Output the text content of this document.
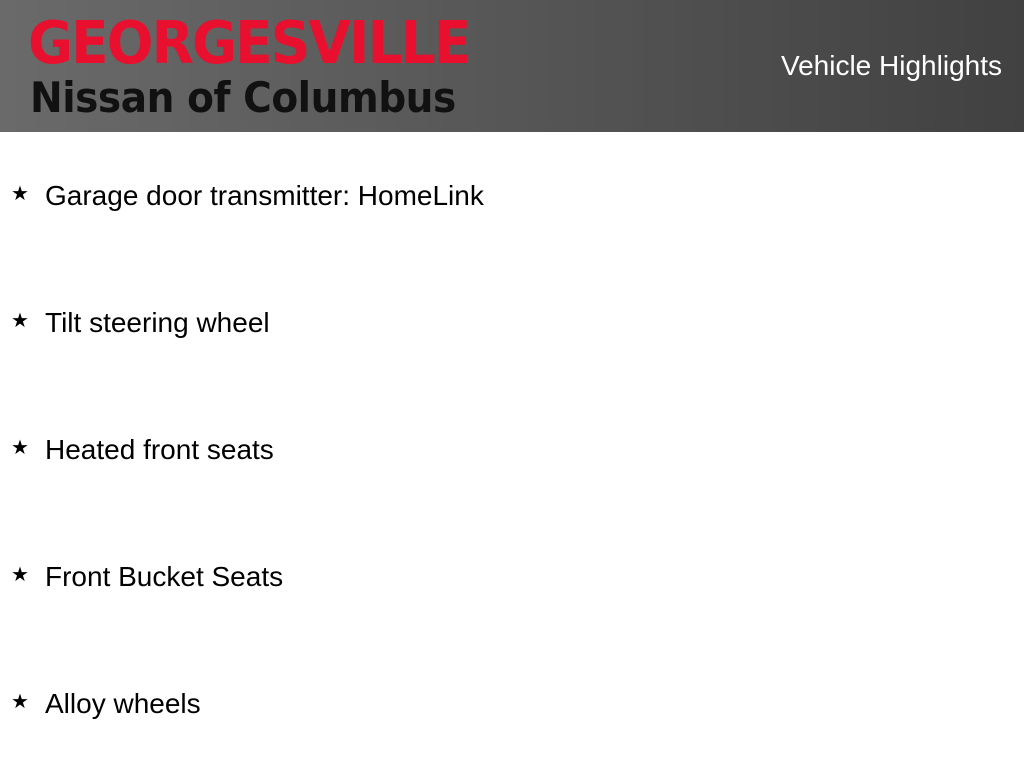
GEORGESVILLE
Nissan of Columbus
Vehicle Highlights
★ Garage door transmitter: HomeLink
★ Tilt steering wheel
★ Heated front seats
★ Front Bucket Seats
★ Alloy wheels
